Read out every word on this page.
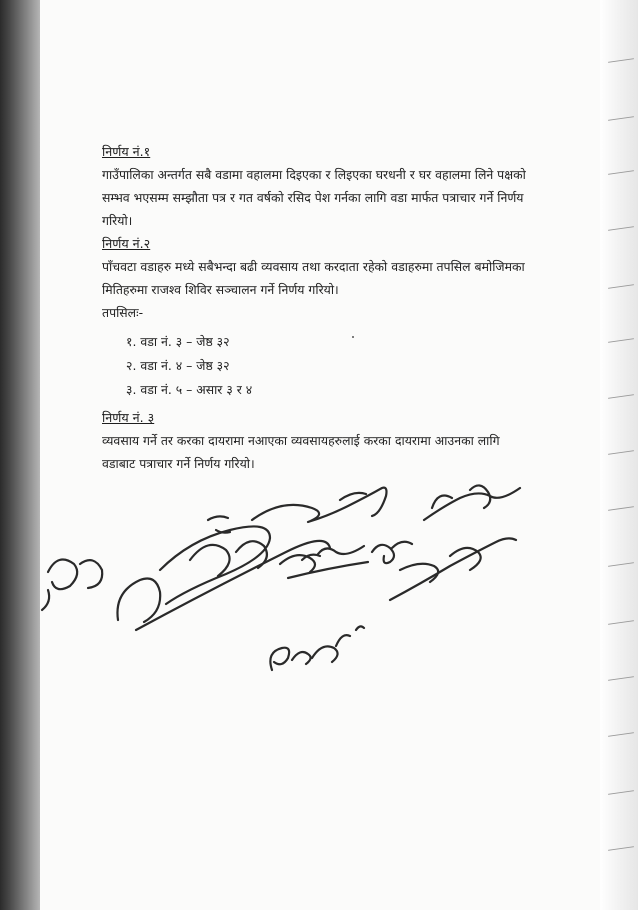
निर्णय नं.१
गाउँपालिका अन्तर्गत सबै वडामा वहालमा दिइएका र लिइएका घरधनी र घर वहालमा लिने पक्षको
सम्भव भएसम्म सम्झौता पत्र र गत वर्षको रसिद पेश गर्नका लागि वडा मार्फत पत्राचार गर्ने निर्णय
गरियो।
निर्णय नं.२
पाँचवटा वडाहरु मध्ये सबैभन्दा बढी व्यवसाय तथा करदाता रहेको वडाहरुमा तपसिल बमोजिमका
मितिहरुमा राजश्व शिविर सञ्चालन गर्ने निर्णय गरियो।
तपसिलः-
१. वडा नं. ३ – जेष्ठ ३२
२. वडा नं. ४ – जेष्ठ ३२
३. वडा नं. ५ – असार ३ र ४
निर्णय नं. ३
व्यवसाय गर्ने तर करका दायरामा नआएका व्यवसायहरुलाई करका दायरामा आउनका लागि
वडाबाट पत्राचार गर्ने निर्णय गरियो।
